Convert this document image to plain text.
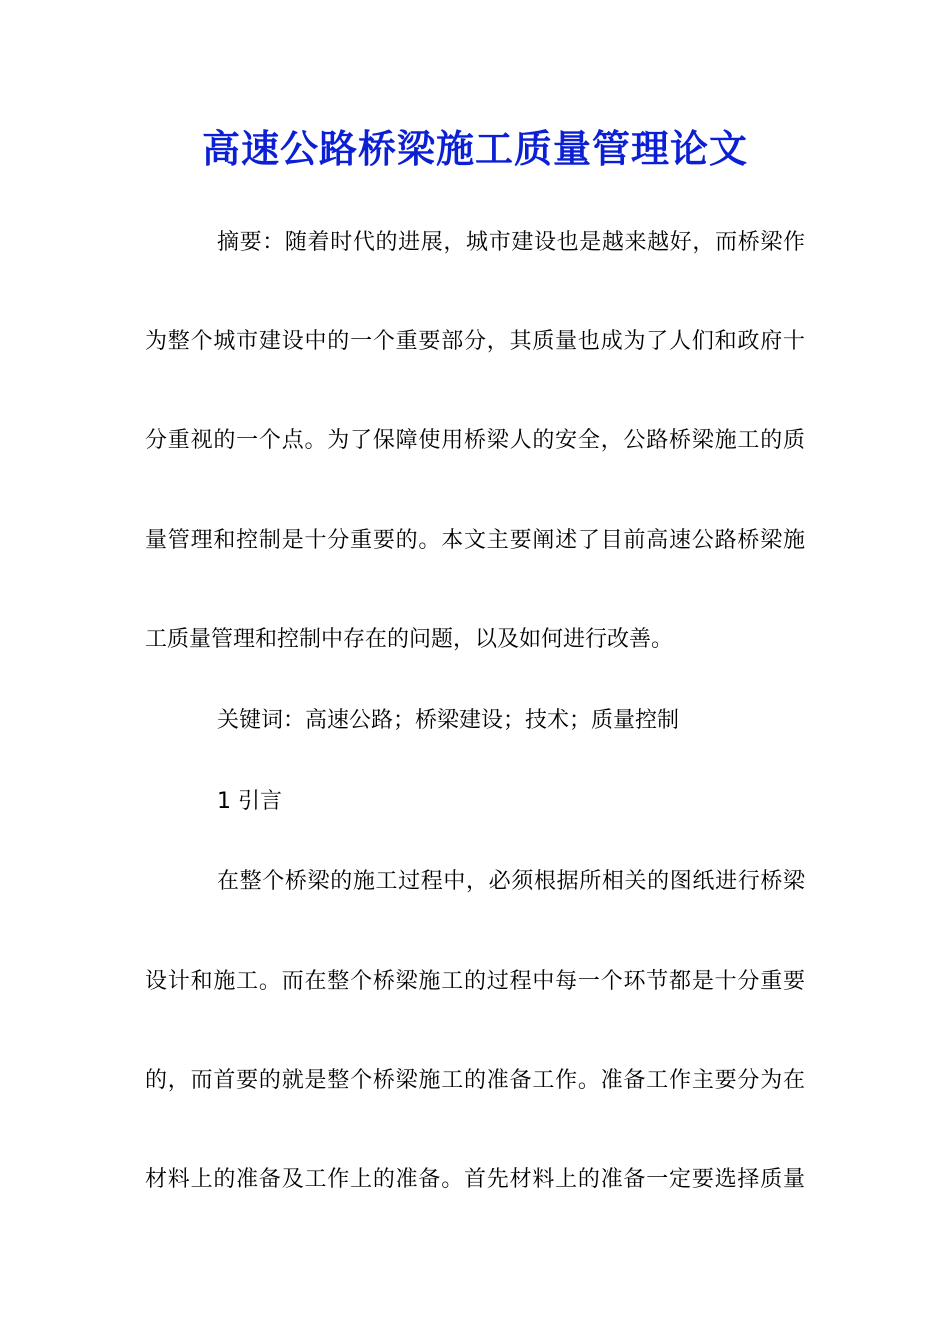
高速公路桥梁施工质量管理论文
摘要：随着时代的进展，城市建设也是越来越好，而桥梁作
为整个城市建设中的一个重要部分，其质量也成为了人们和政府十
分重视的一个点。为了保障使用桥梁人的安全，公路桥梁施工的质
量管理和控制是十分重要的。本文主要阐述了目前高速公路桥梁施
工质量管理和控制中存在的问题，以及如何进行改善。
关键词：高速公路；桥梁建设；技术；质量控制
1 引言
在整个桥梁的施工过程中，必须根据所相关的图纸进行桥梁
设计和施工。而在整个桥梁施工的过程中每一个环节都是十分重要
的，而首要的就是整个桥梁施工的准备工作。准备工作主要分为在
材料上的准备及工作上的准备。首先材料上的准备一定要选择质量
